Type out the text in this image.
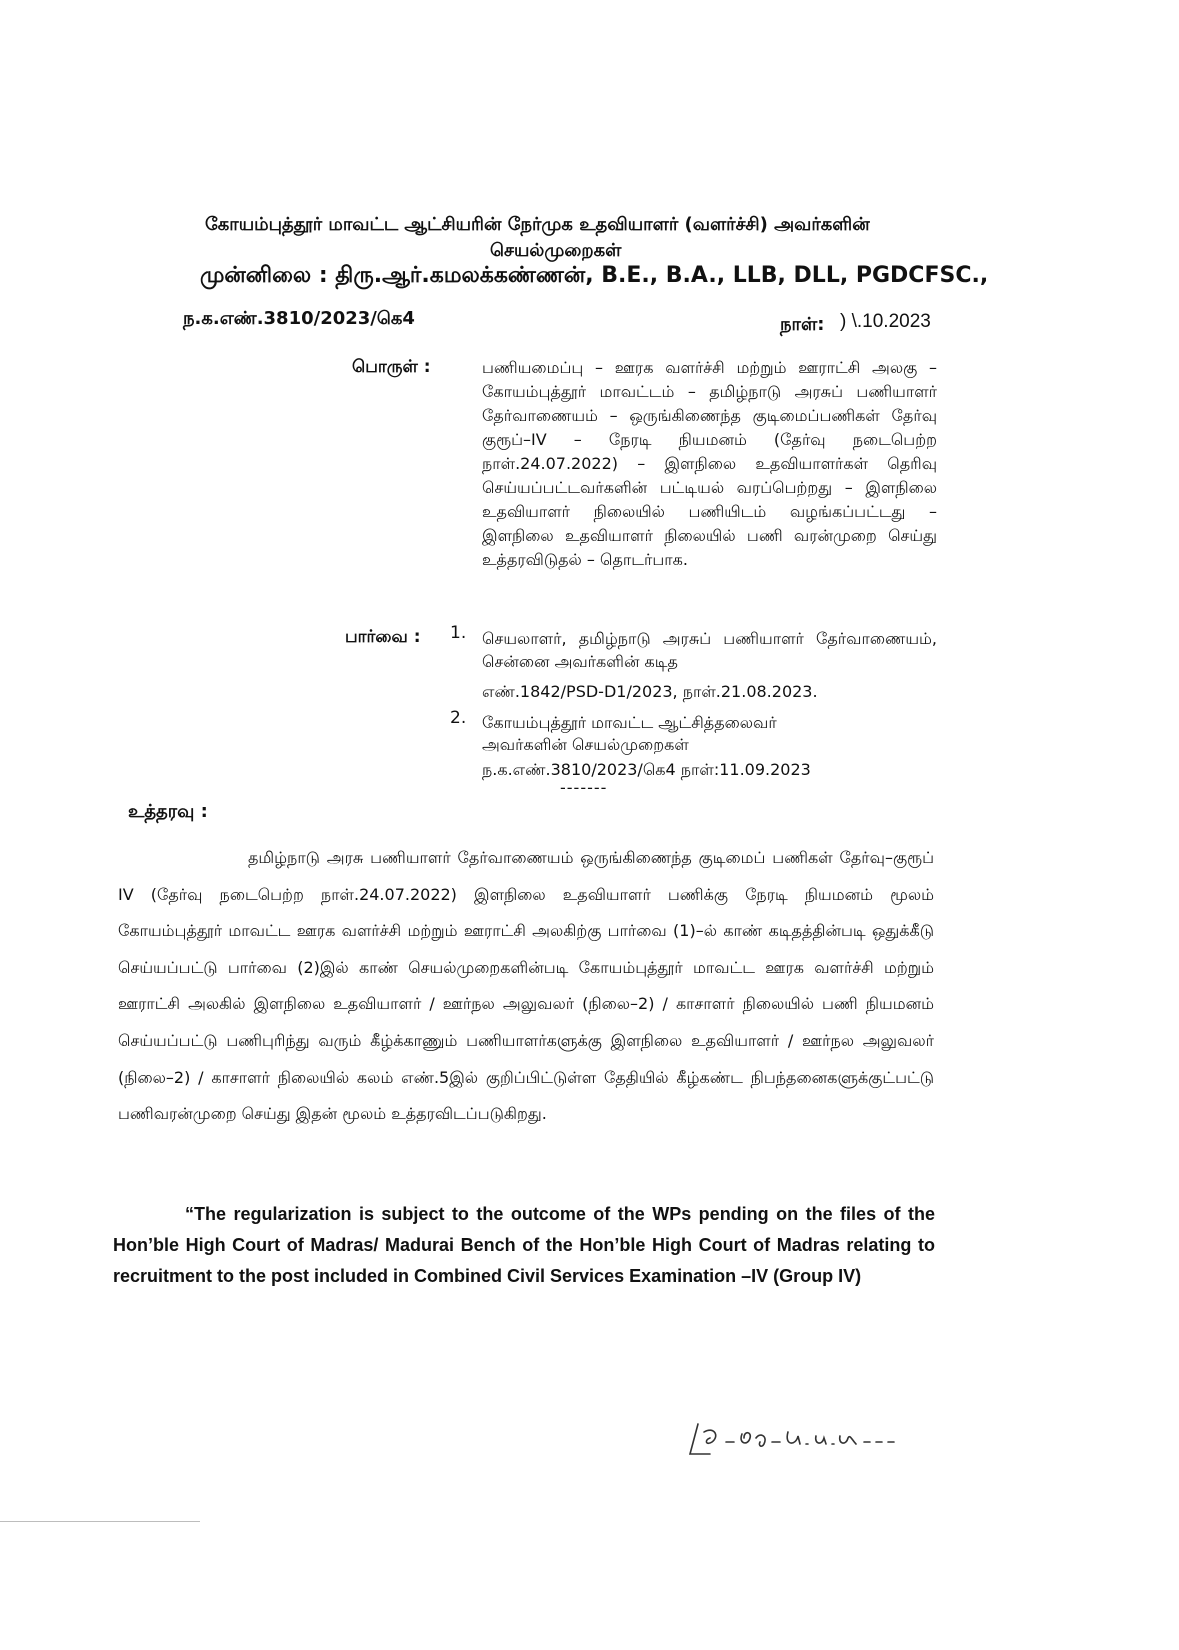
கோயம்புத்தூர் மாவட்ட ஆட்சியரின் நேர்முக உதவியாளர் (வளர்ச்சி) அவர்களின்
செயல்முறைகள்
முன்னிலை : திரு.ஆர்.கமலக்கண்ணன், B.E., B.A., LLB, DLL, PGDCFSC.,
ந.க.எண்.3810/2023/கெ4	நாள்: ) \.10.2023
பொருள் :	பணியமைப்பு – ஊரக வளர்ச்சி மற்றும் ஊராட்சி அலகு – கோயம்புத்தூர் மாவட்டம் – தமிழ்நாடு அரசுப் பணியாளர் தேர்வாணையம் – ஒருங்கிணைந்த குடிமைப்பணிகள் தேர்வு குரூப்–IV – நேரடி நியமனம் (தேர்வு நடைபெற்ற நாள்.24.07.2022) – இளநிலை உதவியாளர்கள் தெரிவு செய்யப்பட்டவர்களின் பட்டியல் வரப்பெற்றது – இளநிலை உதவியாளர் நிலையில் பணியிடம் வழங்கப்பட்டது – இளநிலை உதவியாளர் நிலையில் பணி வரன்முறை செய்து உத்தரவிடுதல் – தொடர்பாக.
பார்வை : 1. செயலாளர், தமிழ்நாடு அரசுப் பணியாளர் தேர்வாணையம், சென்னை அவர்களின் கடித
எண்.1842/PSD-D1/2023, நாள்.21.08.2023.
2. கோயம்புத்தூர் மாவட்ட ஆட்சித்தலைவர்
அவர்களின் செயல்முறைகள்
ந.க.எண்.3810/2023/கெ4 நாள்:11.09.2023
-------
உத்தரவு :
தமிழ்நாடு அரசு பணியாளர் தேர்வாணையம் ஒருங்கிணைந்த குடிமைப் பணிகள் தேர்வு–குரூப் IV (தேர்வு நடைபெற்ற நாள்.24.07.2022) இளநிலை உதவியாளர் பணிக்கு நேரடி நியமனம் மூலம் கோயம்புத்தூர் மாவட்ட ஊரக வளர்ச்சி மற்றும் ஊராட்சி அலகிற்கு பார்வை (1)–ல் காண் கடிதத்தின்படி ஒதுக்கீடு செய்யப்பட்டு பார்வை (2)இல் காண் செயல்முறைகளின்படி கோயம்புத்தூர் மாவட்ட ஊரக வளர்ச்சி மற்றும் ஊராட்சி அலகில் இளநிலை உதவியாளர் / ஊர்நல அலுவலர் (நிலை–2) / காசாளர் நிலையில் பணி நியமனம் செய்யப்பட்டு பணிபுரிந்து வரும் கீழ்க்காணும் பணியாளர்களுக்கு இளநிலை உதவியாளர் / ஊர்நல அலுவலர் (நிலை–2) / காசாளர் நிலையில் கலம் எண்.5இல் குறிப்பிட்டுள்ள தேதியில் கீழ்கண்ட நிபந்தனைகளுக்குட்பட்டு பணிவரன்முறை செய்து இதன் மூலம் உத்தரவிடப்படுகிறது.
“The regularization is subject to the outcome of the WPs pending on the files of the Hon’ble High Court of Madras/ Madurai Bench of the Hon’ble High Court of Madras relating to recruitment to the post included in Combined Civil Services Examination –IV (Group IV)
